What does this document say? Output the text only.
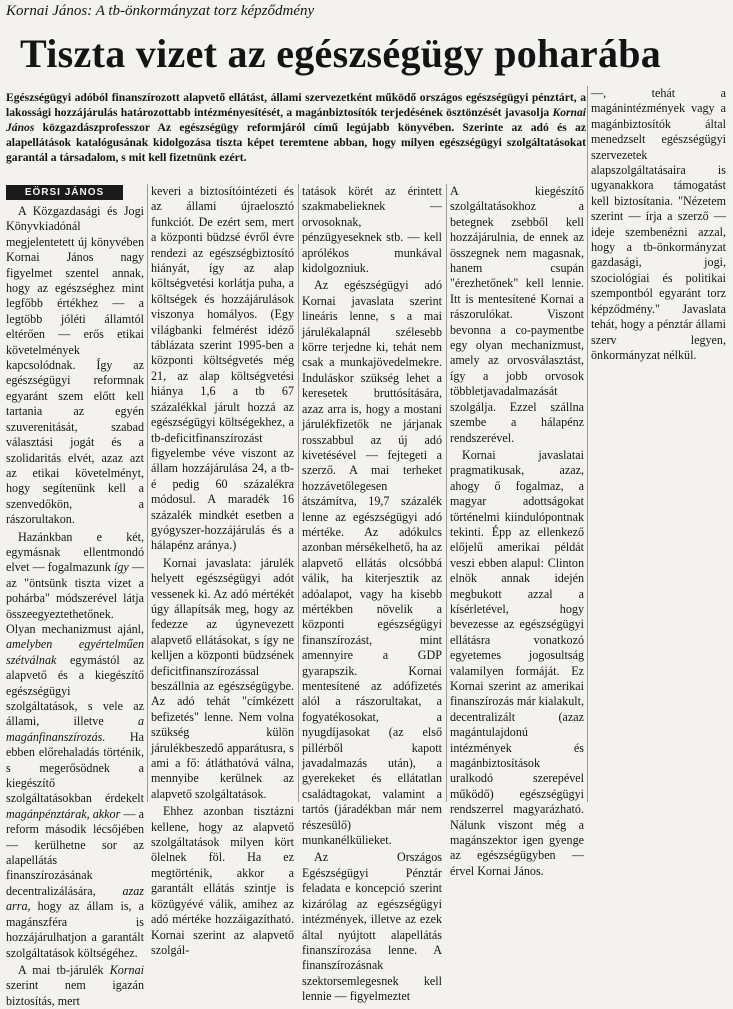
Kornai János: A tb-önkormányzat torz képződmény
Tiszta vizet az egészségügy poharába
Egészségügyi adóból finanszírozott alapvető ellátást, állami szervezetként működő országos egészségügyi pénztárt, a lakossági hozzájárulás határozottabb intézményesítését, a magánbiztosítók terjedésének ösztönzését javasolja Kornai János közgazdászprofesszor Az egészségügy reformjáról című legújabb könyvében. Szerinte az adó és az alapellátások katalógusának kidolgozása tiszta képet teremtene abban, hogy milyen egészségügyi szolgáltatásokat garantál a társadalom, s mit kell fizetnünk ezért.
EÖRSI JÁNOS

A Közgazdasági és Jogi Könyvkiadónál megjelentetett új könyvében Kornai János nagy figyelmet szentel annak, hogy az egészséghez mint legfőbb értékhez — a legtöbb jóléti államtól eltérően — erős etikai követelmények kapcsolódnak. Így az egészségügyi reformnak egyaránt szem előtt kell tartania az egyén szuverenitását, szabad választási jogát és a szolidaritás elvét, azaz azt az etikai követelményt, hogy segítenünk kell a szenvedőkön, a rászorultakon.

Hazánkban e két, egymásnak ellentmondó elvet — fogalmazunk így — az "öntsünk tiszta vizet a pohárba" módszerével látja összeegyeztethetőnek. Olyan mechanizmust ajánl, amelyben egyértelműen szétválnak egymástól az alapvető és a kiegészítő egészségügyi szolgáltatások, s vele az állami, illetve a magánfinanszírozás. Ha ebben előrehaladás történik, s megerősödnek a kiegészítő szolgáltatásokban érdekelt magánpénztárak, akkor — a reform második lécsőjében — kerülhetne sor az alapellátás finanszírozásának decentralizálására, azaz arra, hogy az állam is, a magánszféra is hozzájárulhatjon a garantált szolgáltatások költségéhez.

A mai tb-járulék Kornai szerint nem igazán biztosítás, mert

keveri a biztosítóintézeti és az állami újraelosztó funkciót. De ezért sem, mert a központi büdzsé évről évre rendezi az egészségbiztosító hiányát, így az alap költségvetési korlátja puha, a költségek és hozzájárulások viszonya homályos. (Egy világbanki felmérést idéző táblázata szerint 1995-ben a központi költségvetés még 21, az alap költségvetési hiánya 1,6 a tb 67 százalékkal járult hozzá az egészségügyi költségekhez, a tb-deficitfinanszírozást figyelembe véve viszont az állam hozzájárulása 24, a tb-é pedig 60 százalékra módosul. A maradék 16 százalék mindkét esetben a gyógyszer-hozzájárulás és a hálapénz aránya.)

Kornai javaslata: járulék helyett egészségügyi adót vessenek ki. Az adó mértékét úgy állapítsák meg, hogy az fedezze az úgynevezett alapvető ellátásokat, s így ne kelljen a központi büdzsének deficitfinanszírozással beszállnia az egészségügybe. Az adó tehát "címkézett befizetés" lenne. Nem volna szükség külön járulékbeszedő apparátusra, s ami a fő: átláthatóvá válna, mennyibe kerülnek az alapvető szolgáltatások.

Ehhez azonban tisztázni kellene, hogy az alapvető szolgáltatások milyen kört ölelnek föl. Ha ez megtörténik, akkor a garantált ellátás szintje is közügyévé válik, amihez az adó mértéke hozzáigazítható. Kornai szerint az alapvető szolgál-

tatások körét az érintett szakmabelieknek — orvosoknak, pénzügyeseknek stb. — kell aprólékos munkával kidolgozniuk.

Az egészségügyi adó Kornai javaslata szerint lineáris lenne, s a mai járulékalapnál szélesebb körre terjedne ki, tehát nem csak a munkajövedelmekre. Induláskor szükség lehet a keresetek bruttósítására, azaz arra is, hogy a mostani járulékfizetők ne járjanak rosszabbul az új adó kivetésével — fejtegeti a szerző. A mai terheket hozzávetőlegesen átszámítva, 19,7 százalék lenne az egészségügyi adó mértéke. Az adókulcs azonban mérsékelhető, ha az alapvető ellátás olcsóbbá válik, ha kiterjesztik az adóalapot, vagy ha kisebb mértékben növelik a központi egészségügyi finanszírozást, mint amennyire a GDP gyarapszik. Kornai mentesítené az adófizetés alól a rászorultakat, a fogyatékosokat, a nyugdíjasokat (az első pillérből kapott javadalmazás után), a gyerekeket és ellátatlan családtagokat, valamint a tartós (járadékban már nem részesülő) munkanélkülieket.

Az Országos Egészségügyi Pénztár feladata e koncepció szerint kizárólag az egészségügyi intézmények, illetve az ezek által nyújtott alapellátás finanszírozása lenne. A finanszírozásnak szektorsemlegesnek kell lennie — figyelmeztet

A kiegészítő szolgáltatásokhoz a betegnek zsebből kell hozzájárulnia, de ennek az összegnek nem magasnak, hanem csupán "érezhetőnek" kell lennie. Itt is mentesítené Kornai a rászorulókat. Viszont bevonna a co-paymentbe egy olyan mechanizmust, amely az orvosválasztást, így a jobb orvosok többletjavadalmazását szolgálja. Ezzel szállna szembe a hálapénz rendszerével.

Kornai javaslatai pragmatikusak, azaz, ahogy ő fogalmaz, a magyar adottságokat történelmi kiindulópontnak tekinti. Épp az ellenkező előjelű amerikai példát veszi ebben alapul: Clinton elnök annak idején megbukott azzal a kísérletével, hogy bevezesse az egészségügyi ellátásra vonatkozó egyetemes jogosultság valamilyen formáját. Ez Kornai szerint az amerikai finanszírozás már kialakult, decentralizált (azaz magántulajdonú intézmények és magánbiztosítások uralkodó szerepével működő) egészségügyi rendszerrel magyarázható. Nálunk viszont még a magánszektor igen gyenge az egészségügyben — érvel Kornai János.

—, tehát a magánintézmények vagy a magánbiztosítók által menedzselt egészségügyi szervezetek alapszolgáltatásaira is ugyanakkora támogatást kell biztosítania. "Nézetem szerint — írja a szerző — ideje szembenézni azzal, hogy a tb-önkormányzat gazdasági, jogi, szociológiai és politikai szempontból egyaránt torz képződmény." Javaslata tehát, hogy a pénztár állami szerv legyen, önkormányzat nélkül.
